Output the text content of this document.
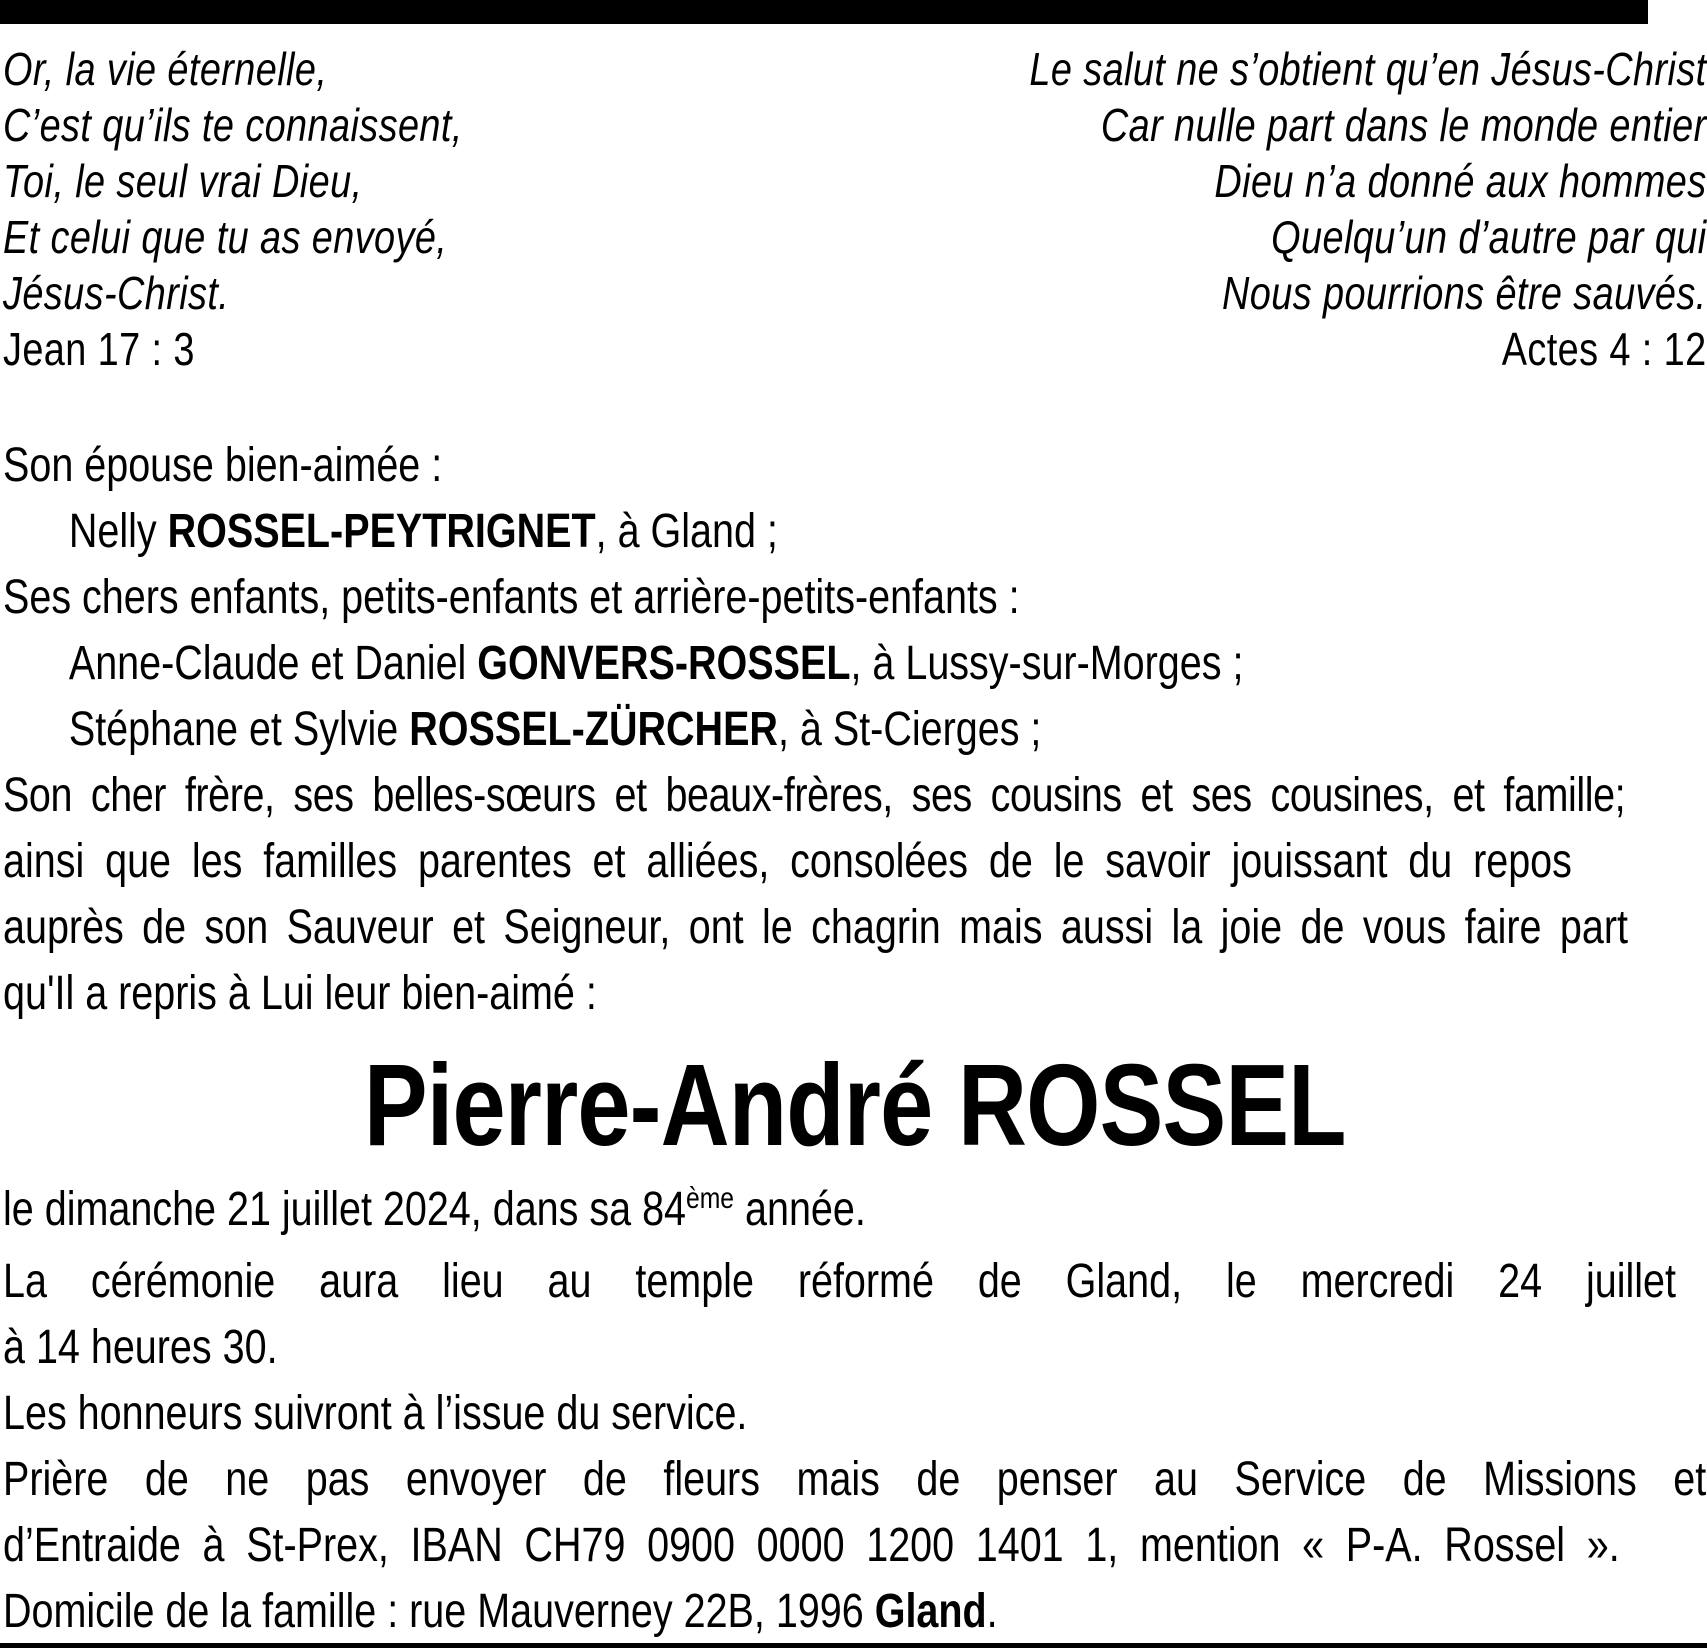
Or, la vie éternelle,
C’est qu’ils te connaissent,
Toi, le seul vrai Dieu,
Et celui que tu as envoyé,
Jésus-Christ.
Jean 17 : 3
Le salut ne s’obtient qu’en Jésus-Christ
Car nulle part dans le monde entier
Dieu n’a donné aux hommes
Quelqu’un d’autre par qui
Nous pourrions être sauvés.
Actes 4 : 12
Son épouse bien-aimée :
Nelly ROSSEL-PEYTRIGNET, à Gland ;
Ses chers enfants, petits-enfants et arrière-petits-enfants :
Anne-Claude et Daniel GONVERS-ROSSEL, à Lussy-sur-Morges ;
Stéphane et Sylvie ROSSEL-ZÜRCHER, à St-Cierges ;
Son cher frère, ses belles-sœurs et beaux-frères, ses cousins et ses cousines, et famille;
ainsi que les familles parentes et alliées, consolées de le savoir jouissant du repos
auprès de son Sauveur et Seigneur, ont le chagrin mais aussi la joie de vous faire part
qu'Il a repris à Lui leur bien-aimé :
Pierre-André ROSSEL
le dimanche 21 juillet 2024, dans sa 84ème année.
La cérémonie aura lieu au temple réformé de Gland, le mercredi 24 juillet
à 14 heures 30.
Les honneurs suivront à l’issue du service.
Prière de ne pas envoyer de fleurs mais de penser au Service de Missions et
d’Entraide à St-Prex, IBAN CH79 0900 0000 1200 1401 1, mention « P-A. Rossel ».
Domicile de la famille : rue Mauverney 22B, 1996 Gland.
